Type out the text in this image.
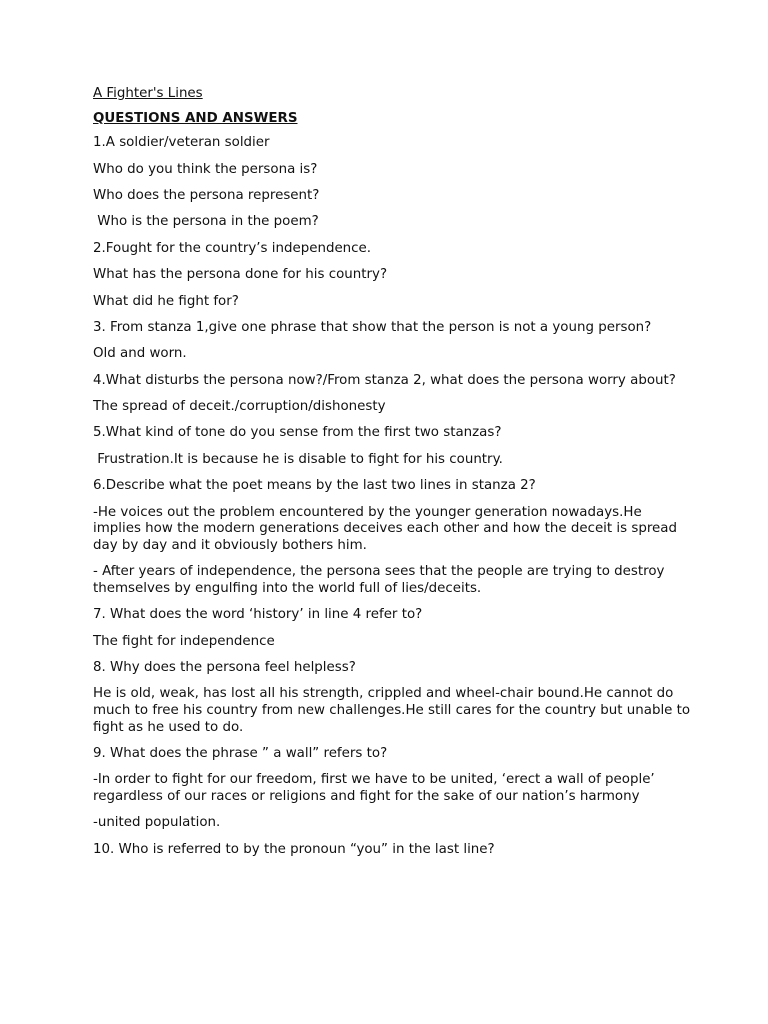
A Fighter's Lines
QUESTIONS AND ANSWERS
1.A soldier/veteran soldier
Who do you think the persona is?
Who does the persona represent?
Who is the persona in the poem?
2.Fought for the country’s independence.
What has the persona done for his country?
What did he fight for?
3. From stanza 1,give one phrase that show that the person is not a young person?
Old and worn.
4.What disturbs the persona now?/From stanza 2, what does the persona worry about?
The spread of deceit./corruption/dishonesty
5.What kind of tone do you sense from the first two stanzas?
Frustration.It is because he is disable to fight for his country.
6.Describe what the poet means by the last two lines in stanza 2?
-He voices out the problem encountered by the younger generation nowadays.He implies how the modern generations deceives each other and how the deceit is spread day by day and it obviously bothers him.
- After years of independence, the persona sees that the people are trying to destroy themselves by engulfing into the world full of lies/deceits.
7. What does the word ‘history’ in line 4 refer to?
The fight for independence
8. Why does the persona feel helpless?
He is old, weak, has lost all his strength, crippled and wheel-chair bound.He cannot do much to free his country from new challenges.He still cares for the country but unable to fight as he used to do.
9. What does the phrase ” a wall” refers to?
-In order to fight for our freedom, first we have to be united, ‘erect a wall of people’ regardless of our races or religions and fight for the sake of our nation’s harmony
-united population.
10. Who is referred to by the pronoun “you” in the last line?
